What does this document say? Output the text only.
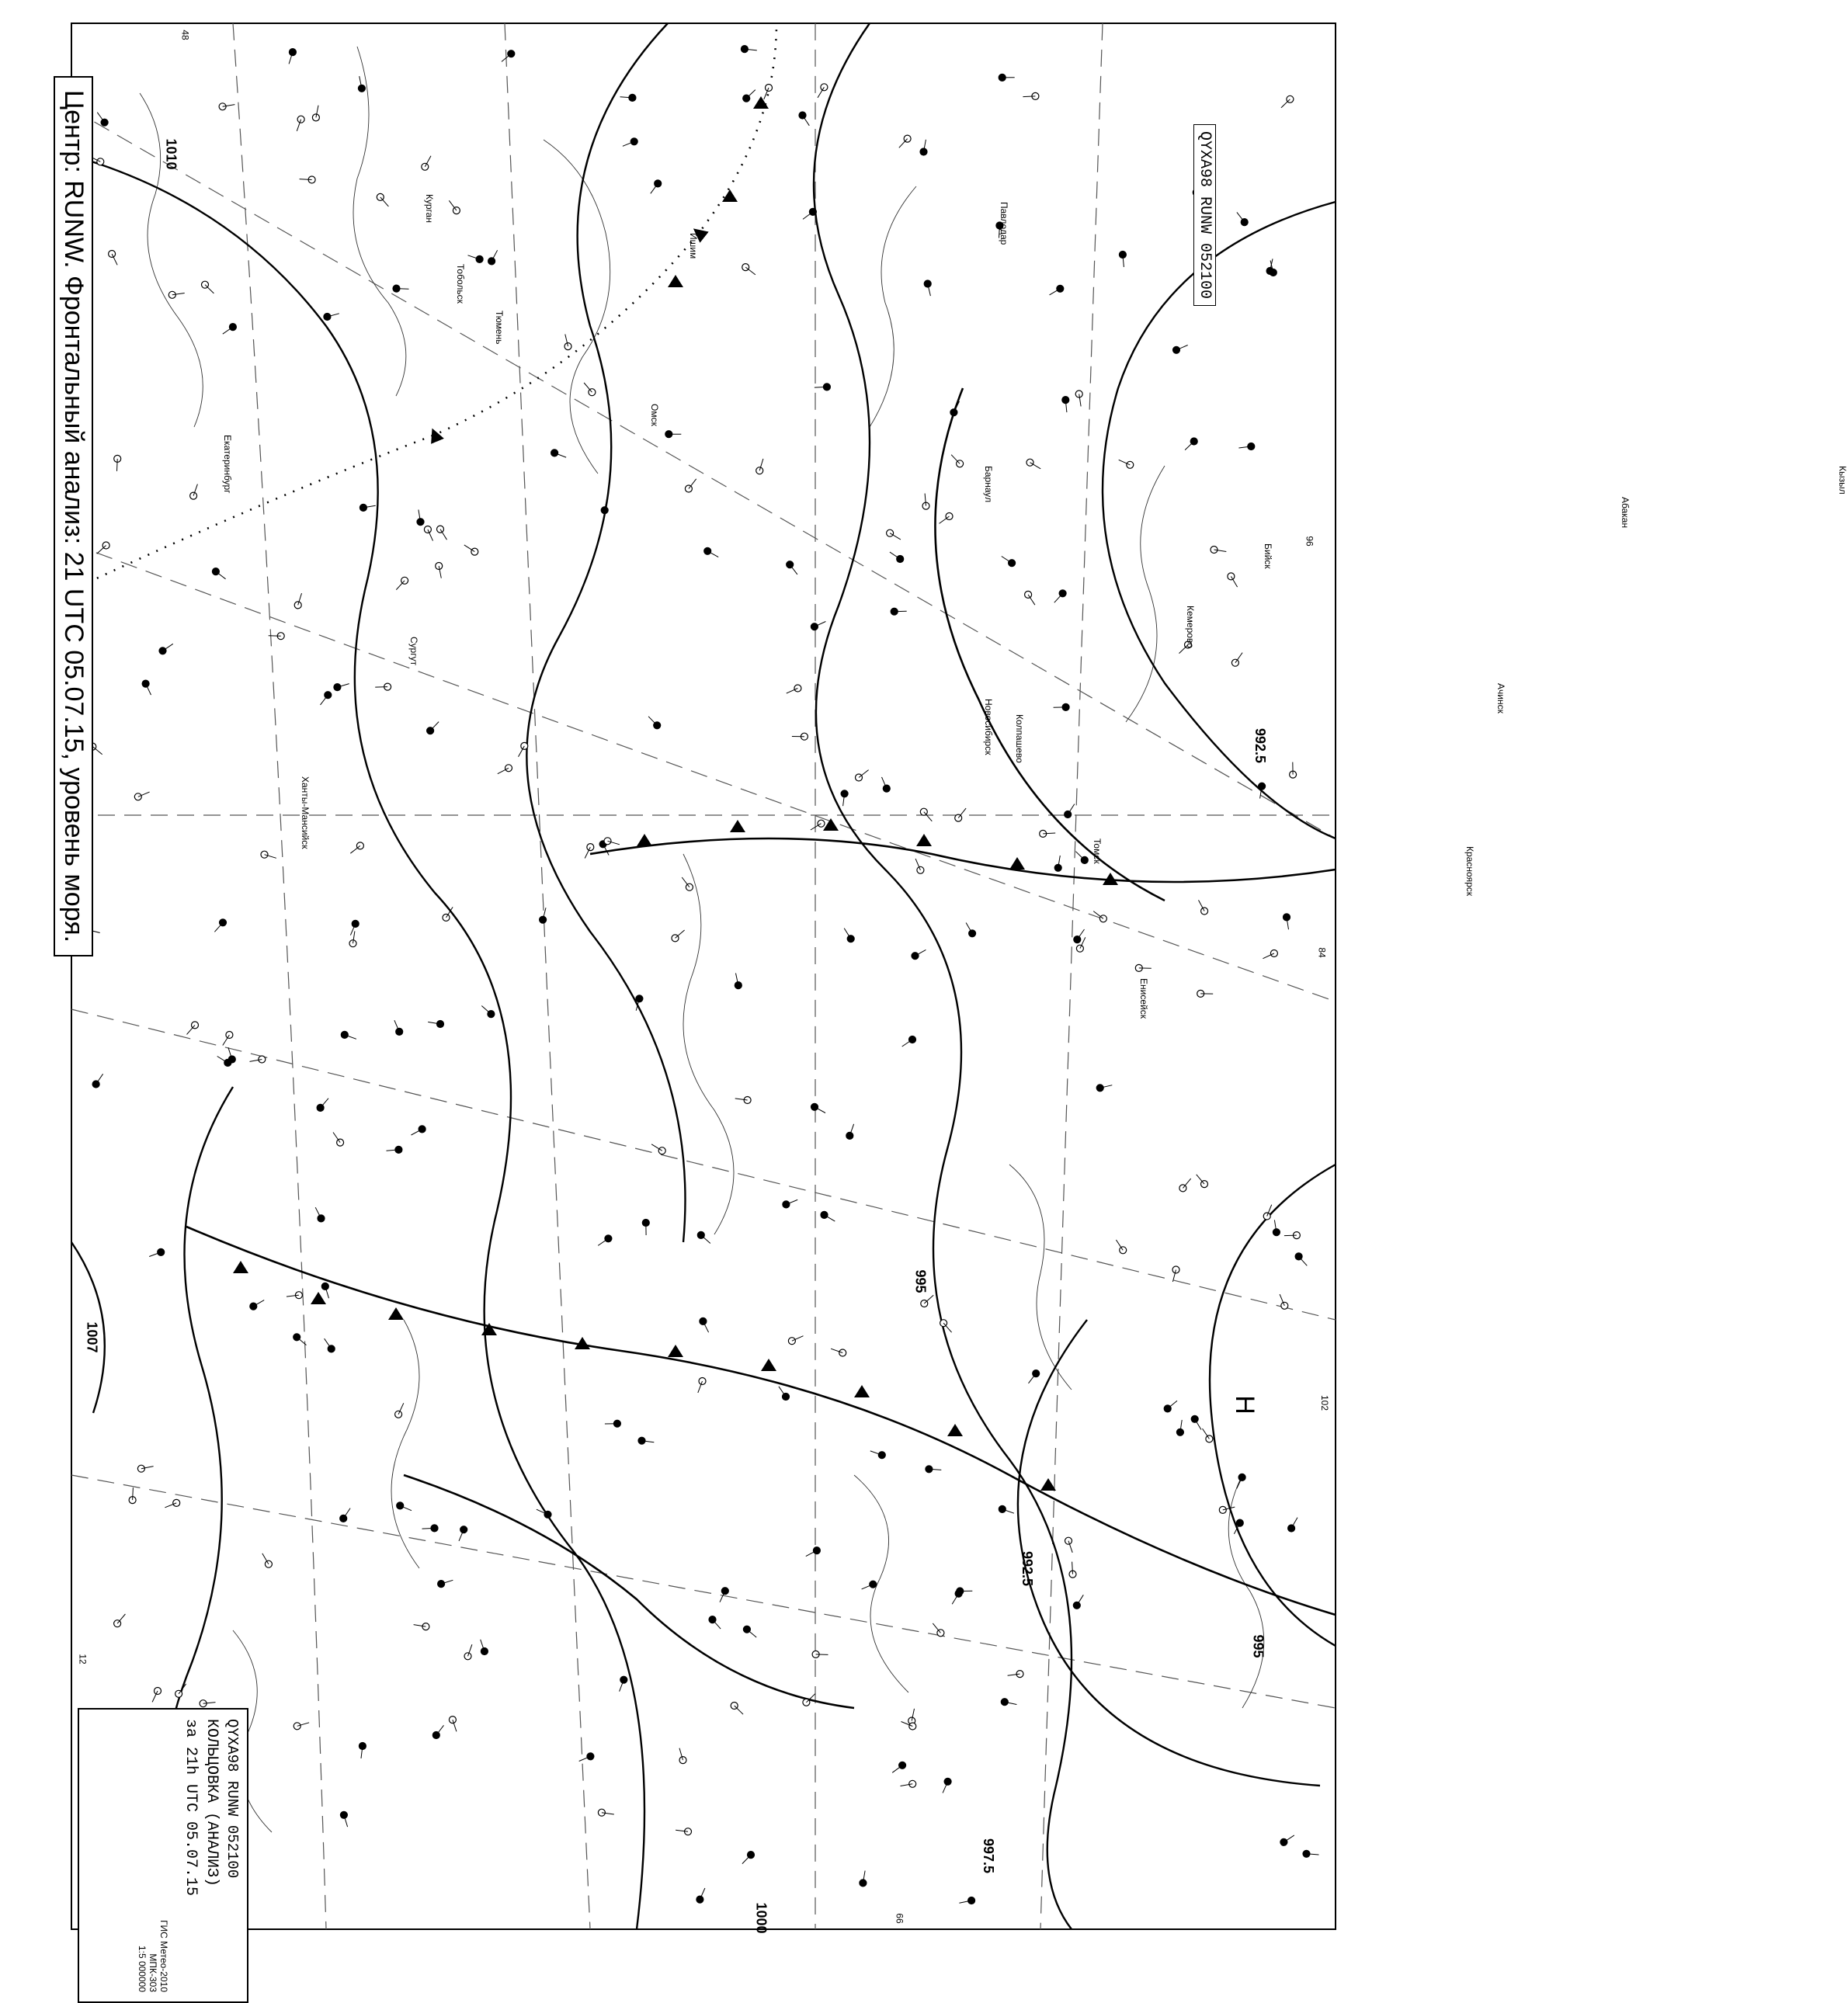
Центр: RUNW. Фронтальный анализ: 21 UTC 05.07.15, уровень моря.	QYXA98 RUNW 052100
QYXA98 RUNW 052100
КОЛЬЦОВКА (АНАЛИЗ)
за 21h UTC 05.07.15
ГИС Метео-2010
MПК-303
1:5 000000
H
1010
1007
992.5
995
997.5
1000
992.5
995
Томск
Кемерово
Новосибирск
Барнаул
Омск
Екатеринбург
Тюмень
Сургут
Ханты-Мансийск
Колпашево
Бийск
Абакан
Красноярск
Ачинск
Енисейск
Кызыл
Ишим
Тобольск
Павлодар
Курган
84
102
96
12
48
66
